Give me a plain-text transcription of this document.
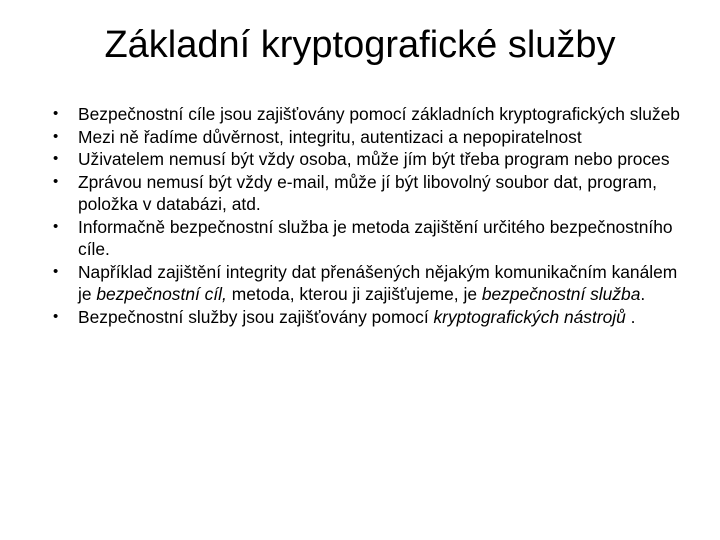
Základní kryptografické služby
•	Bezpečnostní cíle jsou zajišťovány pomocí základních kryptografických služeb
•	Mezi ně řadíme důvěrnost, integritu, autentizaci a nepopiratelnost
•	Uživatelem nemusí být vždy osoba, může jím být třeba program nebo proces
•	Zprávou nemusí být vždy e-mail, může jí být libovolný soubor dat, program, položka v databázi, atd.
•	Informačně bezpečnostní služba je metoda zajištění určitého bezpečnostního cíle.
•	Například zajištění integrity dat přenášených nějakým komunikačním kanálem je bezpečnostní cíl, metoda, kterou ji zajišťujeme, je bezpečnostní služba.
•	Bezpečnostní služby jsou zajišťovány pomocí kryptografických nástrojů .
